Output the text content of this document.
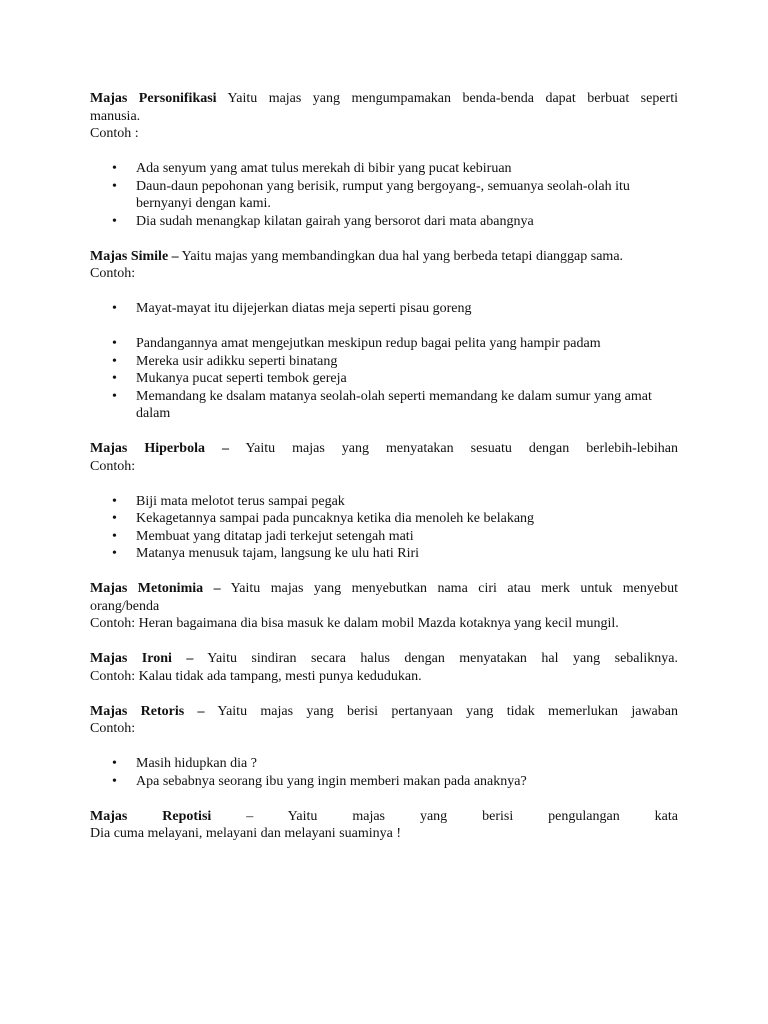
Majas Personifikasi Yaitu majas yang mengumpamakan benda-benda dapat berbuat seperti

manusia.

Contoh :

• Ada senyum yang amat tulus merekah di bibir yang pucat kebiruan
• Daun-daun pepohonan yang berisik, rumput yang bergoyang-, semuanya seolah-olah itu bernyanyi dengan kami.
• Dia sudah menangkap kilatan gairah yang bersorot dari mata abangnya

Majas Simile – Yaitu majas yang membandingkan dua hal yang berbeda tetapi dianggap sama.

Contoh:

• Mayat-mayat itu dijejerkan diatas meja seperti pisau goreng
• Pandangannya amat mengejutkan meskipun redup bagai pelita yang hampir padam
• Mereka usir adikku seperti binatang
• Mukanya pucat seperti tembok gereja
• Memandang ke dsalam matanya seolah-olah seperti memandang ke dalam sumur yang amat dalam

Majas Hiperbola – Yaitu majas yang menyatakan sesuatu dengan berlebih-lebihan

Contoh:

• Biji mata melotot terus sampai pegak
• Kekagetannya sampai pada puncaknya ketika dia menoleh ke belakang
• Membuat yang ditatap jadi terkejut setengah mati
• Matanya menusuk tajam, langsung ke ulu hati Riri

Majas Metonimia – Yaitu majas yang menyebutkan nama ciri atau merk untuk menyebut

orang/benda

Contoh: Heran bagaimana dia bisa masuk ke dalam mobil Mazda kotaknya yang kecil mungil.

Majas Ironi – Yaitu sindiran secara halus dengan menyatakan hal yang sebaliknya.

Contoh: Kalau tidak ada tampang, mesti punya kedudukan.

Majas Retoris – Yaitu majas yang berisi pertanyaan yang tidak memerlukan jawaban

Contoh:

• Masih hidupkan dia ?
• Apa sebabnya seorang ibu yang ingin memberi makan pada anaknya?

Majas Repotisi – Yaitu majas yang berisi pengulangan kata

Dia cuma melayani, melayani dan melayani suaminya !
